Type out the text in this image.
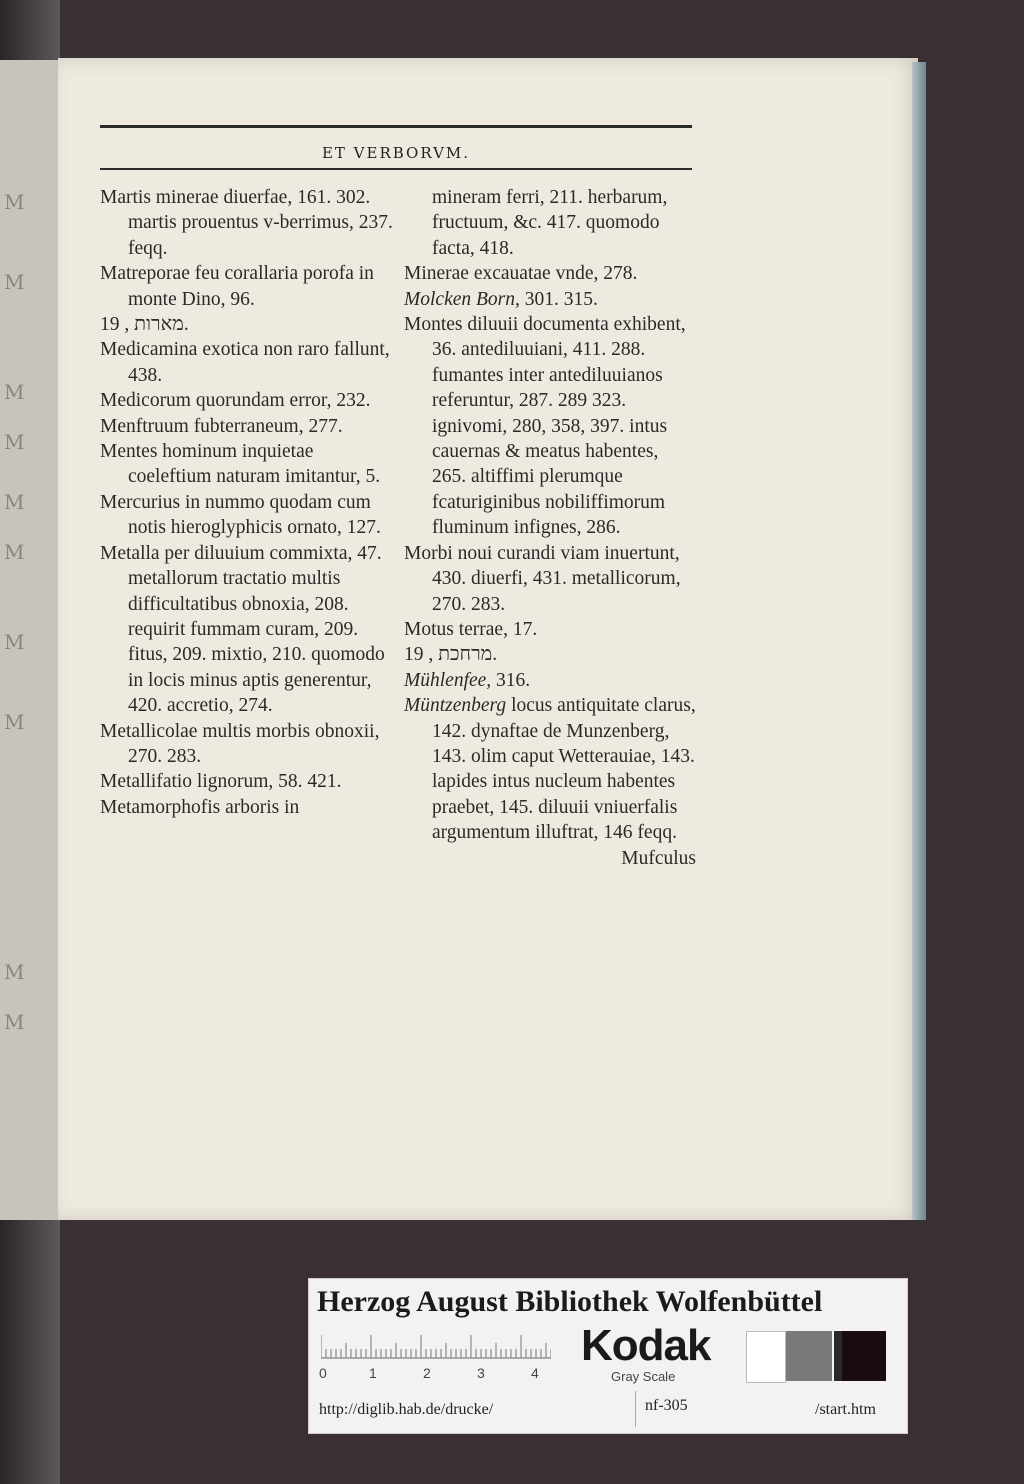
M
M
M
M
M
M
M
M
M
M
ET VERBORVM.

Martis minerae diuerfae, 161. 302. martis prouentus v-berrimus, 237. feqq.

Matreporae feu corallaria porofa in monte Dino, 96.

מארות , 19.

Medicamina exotica non raro fallunt, 438.

Medicorum quorundam error, 232.

Menftruum fubterraneum, 277.

Mentes hominum inquietae coeleftium naturam imitantur, 5.

Mercurius in nummo quodam cum notis hieroglyphicis ornato, 127.

Metalla per diluuium commixta, 47. metallorum tractatio multis difficultatibus obnoxia, 208. requirit fummam curam, 209. fitus, 209. mixtio, 210. quomodo in locis minus aptis generentur, 420. accretio, 274.

Metallicolae multis morbis obnoxii, 270. 283.

Metallifatio lignorum, 58. 421.

Metamorphofis arboris in

mineram ferri, 211. herbarum, fructuum, &c. 417. quomodo facta, 418.

Minerae excauatae vnde, 278.

Molcken Born, 301. 315.

Montes diluuii documenta exhibent, 36. antediluuiani, 411. 288. fumantes inter antediluuianos referuntur, 287. 289 323. ignivomi, 280, 358, 397. intus cauernas & meatus habentes, 265. altiffimi plerumque fcaturiginibus nobiliffimorum fluminum infignes, 286.

Morbi noui curandi viam inuertunt, 430. diuerfi, 431. metallicorum, 270. 283.

Motus terrae, 17.

מרחכת , 19.

Mühlenfee, 316.

Müntzenberg locus antiquitate clarus, 142. dynaftae de Munzenberg, 143. olim caput Wetterauiae, 143. lapides intus nucleum habentes praebet, 145. diluuii vniuerfalis argumentum illuftrat, 146 feqq.

Mufculus

Herzog August Bibliothek Wolfenbüttel
0	1	2	3	4
Kodak
Gray Scale
http://diglib.hab.de/drucke/	nf-305	/start.htm
